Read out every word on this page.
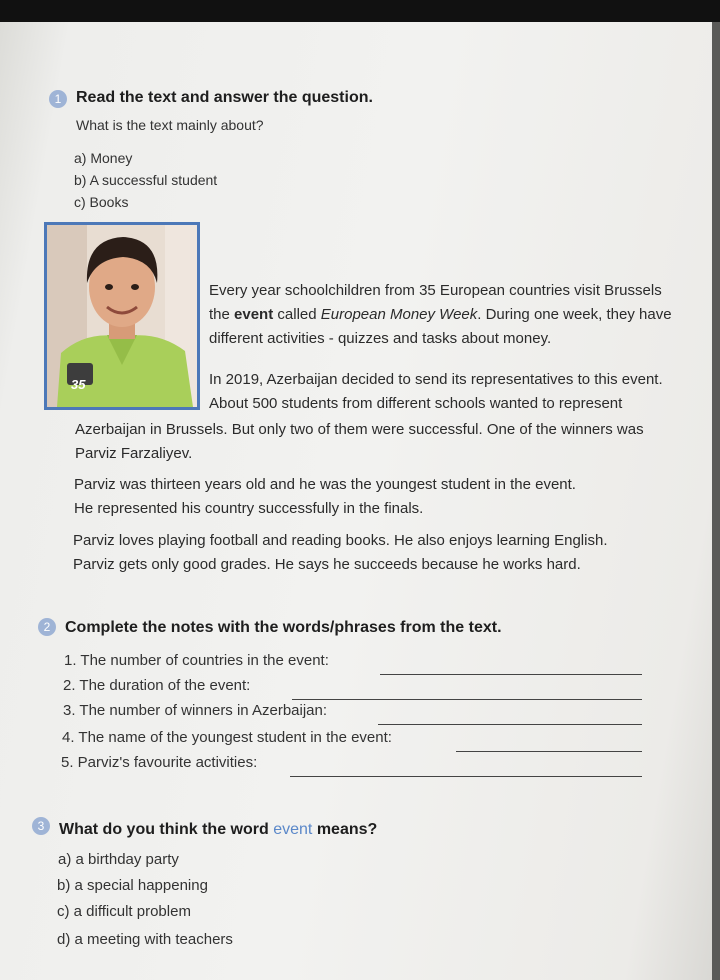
1 Read the text and answer the question.
What is the text mainly about?
a) Money
b) A successful student
c) Books
35
Every year schoolchildren from 35 European countries visit Brussels
the event called European Money Week. During one week, they have
different activities - quizzes and tasks about money.
In 2019, Azerbaijan decided to send its representatives to this event.
About 500 students from different schools wanted to represent
Azerbaijan in Brussels. But only two of them were successful. One of the winners was
Parviz Farzaliyev.
Parviz was thirteen years old and he was the youngest student in the event.
He represented his country successfully in the finals.
Parviz loves playing football and reading books. He also enjoys learning English.
Parviz gets only good grades. He says he succeeds because he works hard.
2 Complete the notes with the words/phrases from the text.
1. The number of countries in the event:
2. The duration of the event:
3. The number of winners in Azerbaijan:
4. The name of the youngest student in the event:
5. Parviz's favourite activities:
3 What do you think the word event means?
a) a birthday party
b) a special happening
c) a difficult problem
d) a meeting with teachers
